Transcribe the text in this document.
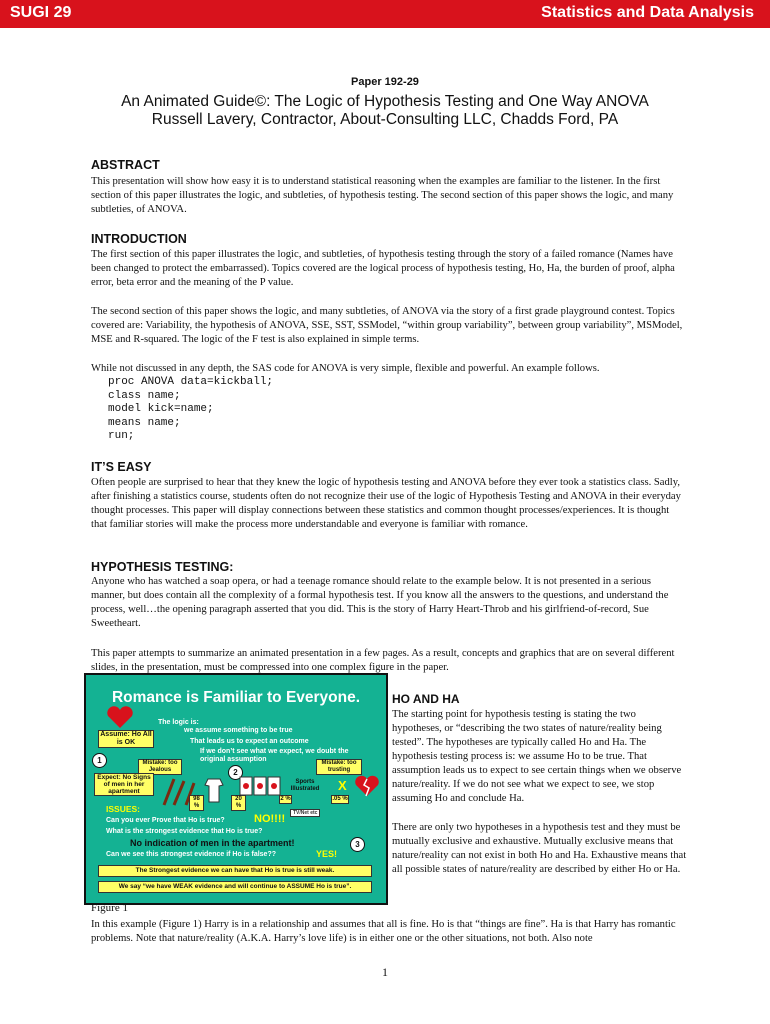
SUGI 29	Statistics and Data Analysis
Paper 192-29
An Animated Guide©: The Logic of Hypothesis Testing and One Way ANOVA
Russell Lavery, Contractor, About-Consulting LLC, Chadds Ford, PA
ABSTRACT

This presentation will show how easy it is to understand statistical reasoning when the examples are familiar to the listener. In the first section of this paper illustrates the logic, and subtleties, of hypothesis testing. The second section of this paper shows the logic, and many subtleties, of ANOVA.

INTRODUCTION

The first section of this paper illustrates the logic, and subtleties, of hypothesis testing through the story of a failed romance (Names have been changed to protect the embarrassed). Topics covered are the logical process of hypothesis testing, Ho, Ha, the burden of proof, alpha error, beta error and the meaning of the P value.

The second section of this paper shows the logic, and many subtleties, of ANOVA via the story of a first grade playground contest. Topics covered are: Variability, the hypothesis of ANOVA, SSE, SST, SSModel, “within group variability”, between group variability”, MSModel, MSE and R-squared. The logic of the F test is also explained in simple terms.

While not discussed in any depth, the SAS code for ANOVA is very simple, flexible and powerful. An example follows.

proc ANOVA data=kickball;
class name;
model kick=name;
means name;
run;
IT’S EASY

Often people are surprised to hear that they knew the logic of hypothesis testing and ANOVA before they ever took a statistics class. Sadly, after finishing a statistics course, students often do not recognize their use of the logic of Hypothesis Testing and ANOVA in their everyday thought processes. This paper will display connections between these statistics and common thought processes/experiences. It is thought that familiar stories will make the process more understandable and everyone is familiar with romance.

HYPOTHESIS TESTING:

Anyone who has watched a soap opera, or had a teenage romance should relate to the example below. It is not presented in a serious manner, but does contain all the complexity of a formal hypothesis test. If you know all the answers to the questions, and understand the process, well…the opening paragraph asserted that you did. This is the story of Harry Heart-Throb and his girlfriend-of-record, Sue Sweetheart.

This paper attempts to summarize an animated presentation in a few pages. As a result, concepts and graphics that are on several different slides, in the presentation, must be compressed into one complex figure in the paper.

Romance is Familiar to Everyone.
The logic is:
we assume something to be true
That leads us to expect an outcome
If we don’t see what we expect, we doubt the original assumption
Assume: Ho All is OK
1	Mistake: too Jealous
Mistake: too trusting
2
Expect: No Signs of men in her apartment
Sports Illustrated X
98 %
20 %
2 %	.05 %
TV/Net etc
ISSUES:
Can you ever Prove that Ho is true?	NO!!!!
What is the strongest evidence that Ho is true?
No indication of men in the apartment!	3
Can we see this strongest evidence if Ho is false??	YES!
The Strongest evidence we can have that Ho is true is still weak.
We say “we have WEAK evidence and will continue to ASSUME Ho is true”.
Figure 1
HO AND HA

The starting point for hypothesis testing is stating the two hypotheses, or “describing the two states of nature/reality being tested”. The hypotheses are typically called Ho and Ha. The hypothesis testing process is: we assume Ho to be true. That assumption leads us to expect to see certain things when we observe nature/reality. If we do not see what we expect to see, we stop assuming Ho and conclude Ha.

There are only two hypotheses in a hypothesis test and they must be mutually exclusive and exhaustive. Mutually exclusive means that nature/reality can not exist in both Ho and Ha. Exhaustive means that all possible states of nature/reality are described by either Ho or Ha.

In this example (Figure 1) Harry is in a relationship and assumes that all is fine. Ho is that “things are fine”. Ha is that Harry has romantic problems. Note that nature/reality (A.K.A. Harry’s love life) is in either one or the other situations, not both. Also note

1
